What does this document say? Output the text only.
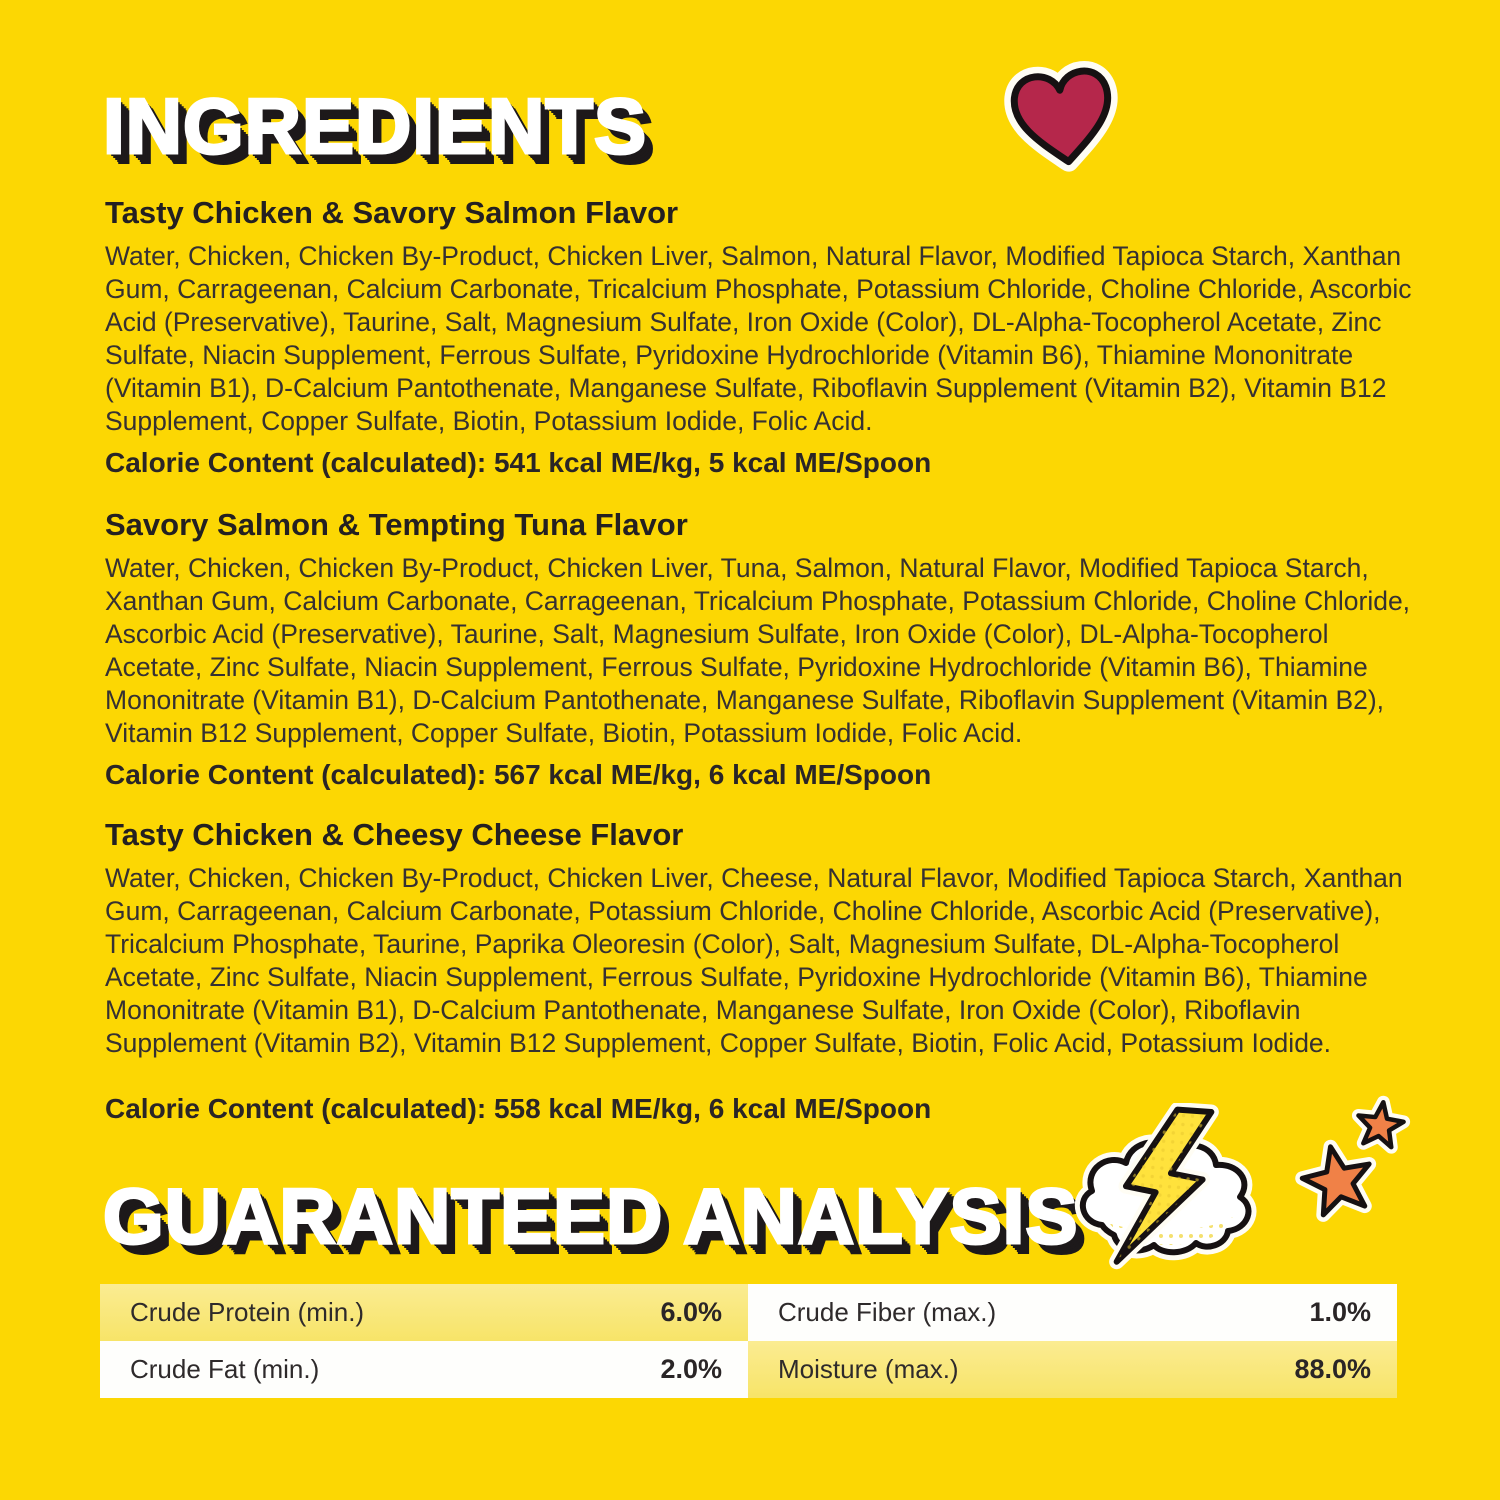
INGREDIENTS
Tasty Chicken & Savory Salmon Flavor

Water, Chicken, Chicken By-Product, Chicken Liver, Salmon, Natural Flavor, Modified Tapioca Starch, Xanthan Gum, Carrageenan, Calcium Carbonate, Tricalcium Phosphate, Potassium Chloride, Choline Chloride, Ascorbic Acid (Preservative), Taurine, Salt, Magnesium Sulfate, Iron Oxide (Color), DL-Alpha-Tocopherol Acetate, Zinc Sulfate, Niacin Supplement, Ferrous Sulfate, Pyridoxine Hydrochloride (Vitamin B6), Thiamine Mononitrate (Vitamin B1), D-Calcium Pantothenate, Manganese Sulfate, Riboflavin Supplement (Vitamin B2), Vitamin B12 Supplement, Copper Sulfate, Biotin, Potassium Iodide, Folic Acid.

Calorie Content (calculated): 541 kcal ME/kg, 5 kcal ME/Spoon

Savory Salmon & Tempting Tuna Flavor

Water, Chicken, Chicken By-Product, Chicken Liver, Tuna, Salmon, Natural Flavor, Modified Tapioca Starch, Xanthan Gum, Calcium Carbonate, Carrageenan, Tricalcium Phosphate, Potassium Chloride, Choline Chloride, Ascorbic Acid (Preservative), Taurine, Salt, Magnesium Sulfate, Iron Oxide (Color), DL-Alpha-Tocopherol Acetate, Zinc Sulfate, Niacin Supplement, Ferrous Sulfate, Pyridoxine Hydrochloride (Vitamin B6), Thiamine Mononitrate (Vitamin B1), D-Calcium Pantothenate, Manganese Sulfate, Riboflavin Supplement (Vitamin B2), Vitamin B12 Supplement, Copper Sulfate, Biotin, Potassium Iodide, Folic Acid.

Calorie Content (calculated): 567 kcal ME/kg, 6 kcal ME/Spoon

Tasty Chicken & Cheesy Cheese Flavor

Water, Chicken, Chicken By-Product, Chicken Liver, Cheese, Natural Flavor, Modified Tapioca Starch, Xanthan Gum, Carrageenan, Calcium Carbonate, Potassium Chloride, Choline Chloride, Ascorbic Acid (Preservative), Tricalcium Phosphate, Taurine, Paprika Oleoresin (Color), Salt, Magnesium Sulfate, DL-Alpha-Tocopherol Acetate, Zinc Sulfate, Niacin Supplement, Ferrous Sulfate, Pyridoxine Hydrochloride (Vitamin B6), Thiamine Mononitrate (Vitamin B1), D-Calcium Pantothenate, Manganese Sulfate, Iron Oxide (Color), Riboflavin Supplement (Vitamin B2), Vitamin B12 Supplement, Copper Sulfate, Biotin, Folic Acid, Potassium Iodide.

Calorie Content (calculated): 558 kcal ME/kg, 6 kcal ME/Spoon

GUARANTEED ANALYSIS
Crude Protein (min.)	6.0% Crude Fiber (max.)	1.0%
Crude Fat (min.)	2.0% Moisture (max.)	88.0%
